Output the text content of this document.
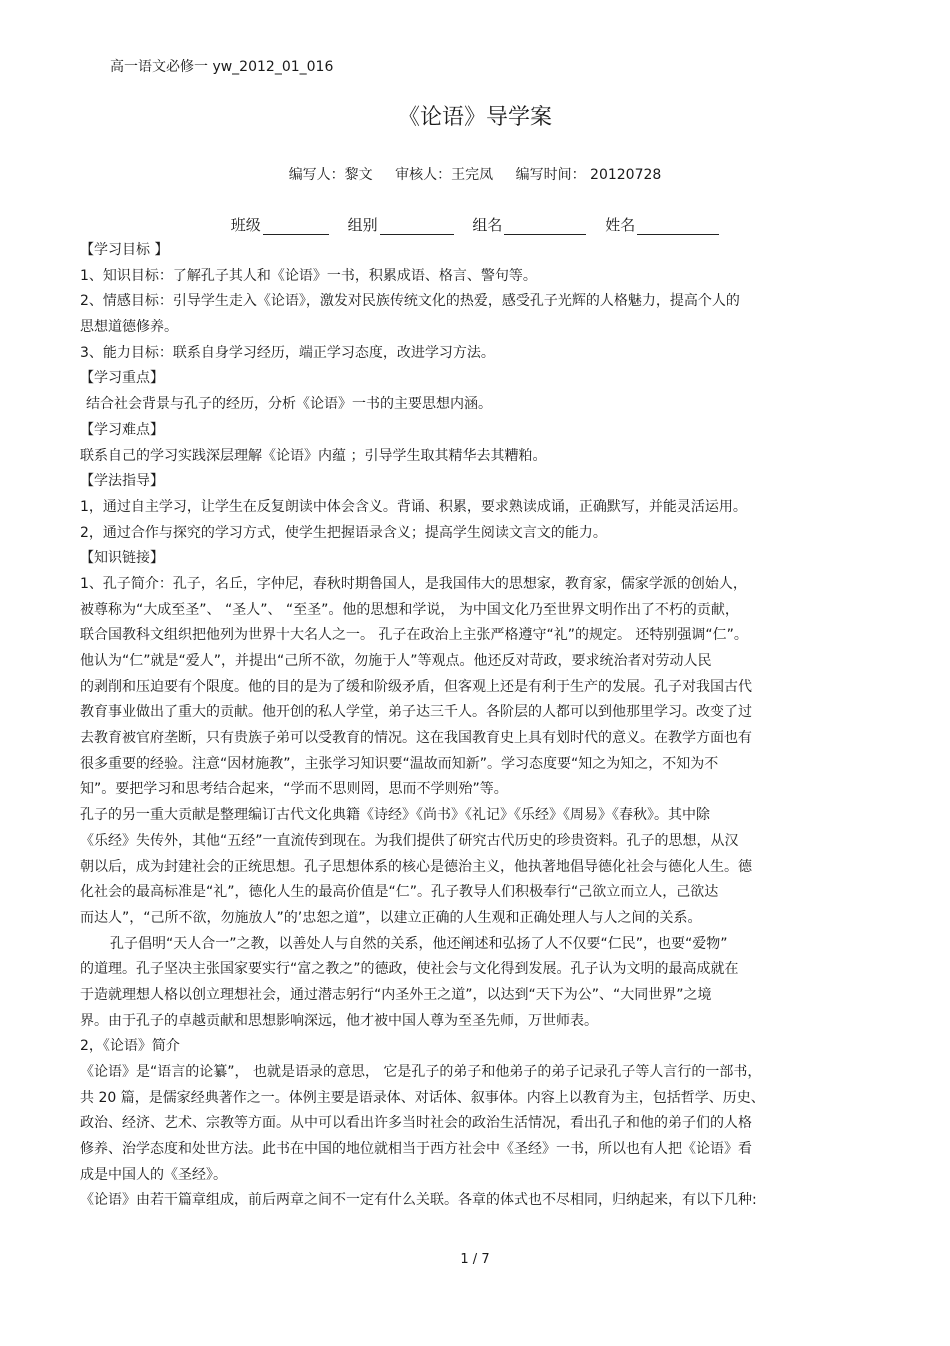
高一语文必修一 yw_2012_01_016
《论语》导学案
编写人：黎文 审核人：王完凤 编写时间： 20120728
班级	组别	组名	姓名
【学习目标 】
1、知识目标：了解孔子其人和《论语》一书，积累成语、格言、警句等。
2、情感目标：引导学生走入《论语》，激发对民族传统文化的热爱，感受孔子光辉的人格魅力，提高个人的
思想道德修养。
3、能力目标：联系自身学习经历，端正学习态度，改进学习方法。
【学习重点】
结合社会背景与孔子的经历，分析《论语》一书的主要思想内涵。
【学习难点】
联系自己的学习实践深层理解《论语》内蕴 ；引导学生取其精华去其糟粕。
【学法指导】
1，通过自主学习，让学生在反复朗读中体会含义。背诵、积累，要求熟读成诵，正确默写，并能灵活运用。
2，通过合作与探究的学习方式，使学生把握语录含义；提高学生阅读文言文的能力。
【知识链接】
1、孔子简介：孔子，名丘，字仲尼，春秋时期鲁国人，是我国伟大的思想家，教育家，儒家学派的创始人，
被尊称为“大成至圣”、 “圣人”、 “至圣”。他的思想和学说， 为中国文化乃至世界文明作出了不朽的贡献，
联合国教科文组织把他列为世界十大名人之一。 孔子在政治上主张严格遵守“礼”的规定。 还特别强调“仁”。
他认为“仁”就是“爱人”，并提出“己所不欲，勿施于人”等观点。他还反对苛政，要求统治者对劳动人民
的剥削和压迫要有个限度。他的目的是为了缓和阶级矛盾，但客观上还是有利于生产的发展。孔子对我国古代
教育事业做出了重大的贡献。他开创的私人学堂，弟子达三千人。各阶层的人都可以到他那里学习。改变了过
去教育被官府垄断，只有贵族子弟可以受教育的情况。这在我国教育史上具有划时代的意义。在教学方面也有
很多重要的经验。注意“因材施教”，主张学习知识要“温故而知新”。学习态度要“知之为知之，不知为不
知”。要把学习和思考结合起来，“学而不思则罔，思而不学则殆”等。
孔子的另一重大贡献是整理编订古代文化典籍《诗经》《尚书》《礼记》《乐经》《周易》《春秋》。其中除
《乐经》失传外，其他“五经”一直流传到现在。为我们提供了研究古代历史的珍贵资料。孔子的思想，从汉
朝以后，成为封建社会的正统思想。孔子思想体系的核心是德治主义，他执著地倡导德化社会与德化人生。德
化社会的最高标准是“礼”，德化人生的最高价值是“仁”。孔子教导人们积极奉行“己欲立而立人，己欲达
而达人”，“己所不欲，勿施放人”的’忠恕之道”，以建立正确的人生观和正确处理人与人之间的关系。
孔子倡明“天人合一”之教，以善处人与自然的关系，他还阐述和弘扬了人不仅要“仁民”，也要“爱物”
的道理。孔子坚决主张国家要实行“富之教之”的德政，使社会与文化得到发展。孔子认为文明的最高成就在
于造就理想人格以创立理想社会，通过潜志躬行“内圣外王之道”，以达到“天下为公”、“大同世界”之境
界。由于孔子的卓越贡献和思想影响深远，他才被中国人尊为至圣先师，万世师表。
2，《论语》简介
《论语》是“语言的论纂”， 也就是语录的意思， 它是孔子的弟子和他弟子的弟子记录孔子等人言行的一部书，
共 20 篇，是儒家经典著作之一。体例主要是语录体、对话体、叙事体。内容上以教育为主，包括哲学、历史、
政治、经济、艺术、宗教等方面。从中可以看出许多当时社会的政治生活情况，看出孔子和他的弟子们的人格
修养、治学态度和处世方法。此书在中国的地位就相当于西方社会中《圣经》一书，所以也有人把《论语》看
成是中国人的《圣经》。
《论语》由若干篇章组成，前后两章之间不一定有什么关联。各章的体式也不尽相同，归纳起来，有以下几种:
1 / 7
